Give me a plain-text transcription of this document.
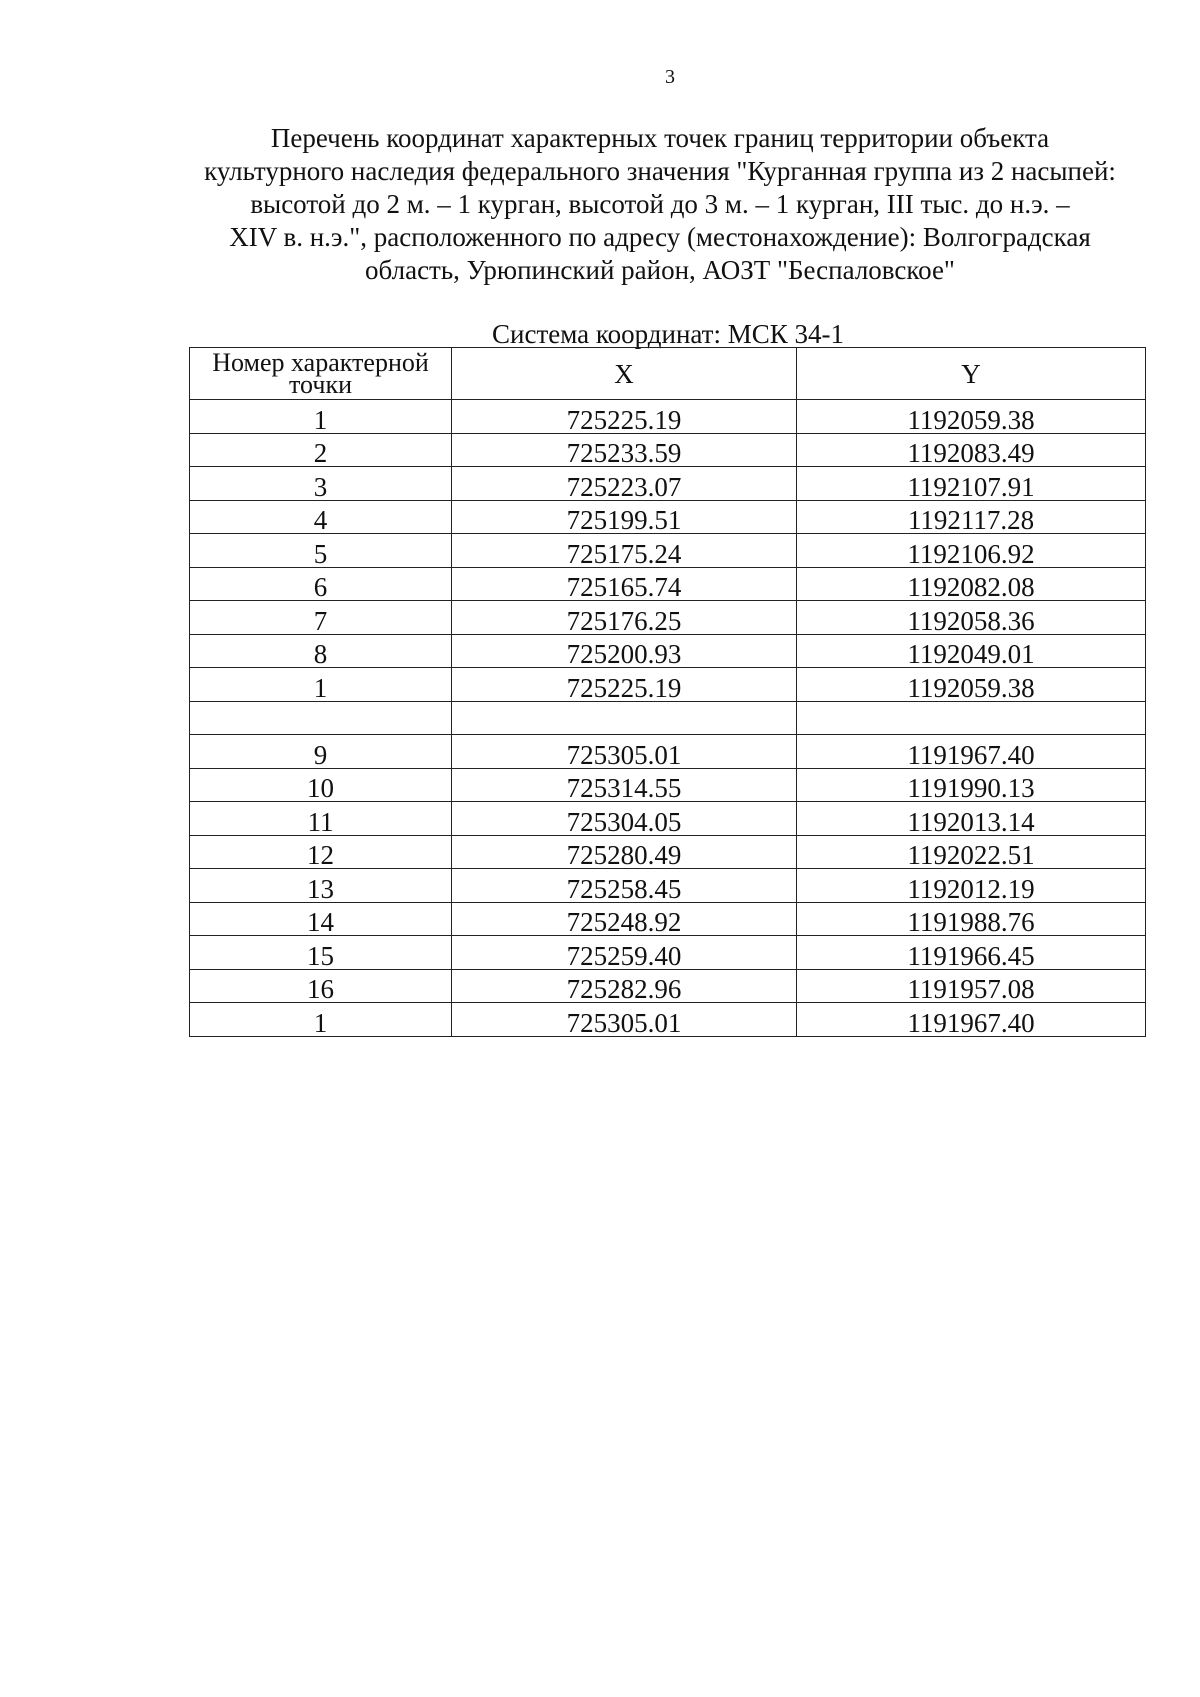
3
Перечень координат характерных точек границ территории объекта
культурного наследия федерального значения "Курганная группа из 2 насыпей:
высотой до 2 м. – 1 курган, высотой до 3 м. – 1 курган, III тыс. до н.э. –
XIV в. н.э.", расположенного по адресу (местонахождение): Волгоградская
область, Урюпинский район, АОЗТ "Беспаловское"
Система координат: МСК 34-1
Номер характерной
точки	X	Y
1	725225.19	1192059.38
2	725233.59	1192083.49
3	725223.07	1192107.91
4	725199.51	1192117.28
5	725175.24	1192106.92
6	725165.74	1192082.08
7	725176.25	1192058.36
8	725200.93	1192049.01
1	725225.19	1192059.38

9	725305.01	1191967.40
10	725314.55	1191990.13
11	725304.05	1192013.14
12	725280.49	1192022.51
13	725258.45	1192012.19
14	725248.92	1191988.76
15	725259.40	1191966.45
16	725282.96	1191957.08
1	725305.01	1191967.40
